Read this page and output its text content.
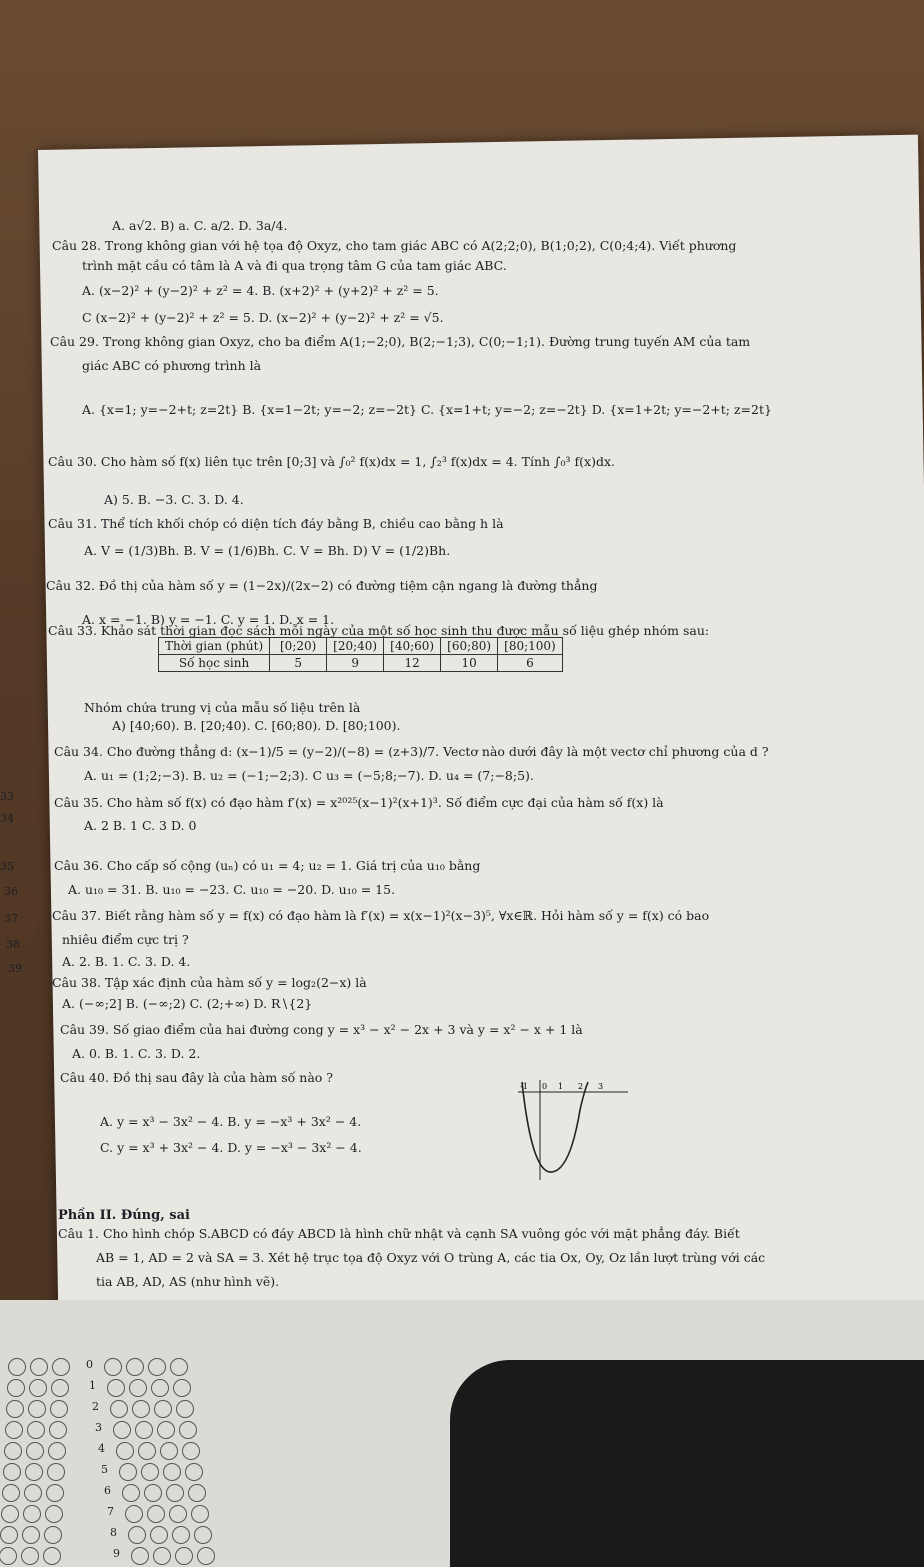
A. a√2. B) a. C. a/2. D. 3a/4.
Câu 28. Trong không gian với hệ tọa độ Oxyz, cho tam giác ABC có A(2;2;0), B(1;0;2), C(0;4;4). Viết phương
trình mặt cầu có tâm là A và đi qua trọng tâm G của tam giác ABC.
A. (x−2)² + (y−2)² + z² = 4. B. (x+2)² + (y+2)² + z² = 5.
C (x−2)² + (y−2)² + z² = 5. D. (x−2)² + (y−2)² + z² = √5.
Câu 29. Trong không gian Oxyz, cho ba điểm A(1;−2;0), B(2;−1;3), C(0;−1;1). Đường trung tuyến AM của tam
giác ABC có phương trình là
A. {x=1; y=−2+t; z=2t} B. {x=1−2t; y=−2; z=−2t} C. {x=1+t; y=−2; z=−2t} D. {x=1+2t; y=−2+t; z=2t}
Câu 30. Cho hàm số f(x) liên tục trên [0;3] và ∫₀² f(x)dx = 1, ∫₂³ f(x)dx = 4. Tính ∫₀³ f(x)dx.
A) 5. B. −3. C. 3. D. 4.
Câu 31. Thể tích khối chóp có diện tích đáy bằng B, chiều cao bằng h là
A. V = (1/3)Bh. B. V = (1/6)Bh. C. V = Bh. D) V = (1/2)Bh.
Câu 32. Đồ thị của hàm số y = (1−2x)/(2x−2) có đường tiệm cận ngang là đường thẳng
A. x = −1. B) y = −1. C. y = 1. D. x = 1.
Câu 33. Khảo sát thời gian đọc sách mỗi ngày của một số học sinh thu được mẫu số liệu ghép nhóm sau:
Thời gian (phút)	[0;20)	[20;40)	[40;60)	[60;80)	[80;100)
Số học sinh	5	9	12	10	6
Nhóm chứa trung vị của mẫu số liệu trên là
A) [40;60). B. [20;40). C. [60;80). D. [80;100).
Câu 34. Cho đường thẳng d: (x−1)/5 = (y−2)/(−8) = (z+3)/7. Vectơ nào dưới đây là một vectơ chỉ phương của d ?
A. u₁ = (1;2;−3). B. u₂ = (−1;−2;3). C u₃ = (−5;8;−7). D. u₄ = (7;−8;5).
Câu 35. Cho hàm số f(x) có đạo hàm f′(x) = x²⁰²⁵(x−1)²(x+1)³. Số điểm cực đại của hàm số f(x) là
A. 2 B. 1 C. 3 D. 0
Câu 36. Cho cấp số cộng (uₙ) có u₁ = 4; u₂ = 1. Giá trị của u₁₀ bằng
A. u₁₀ = 31. B. u₁₀ = −23. C. u₁₀ = −20. D. u₁₀ = 15.
Câu 37. Biết rằng hàm số y = f(x) có đạo hàm là f′(x) = x(x−1)²(x−3)⁵, ∀x∈ℝ. Hỏi hàm số y = f(x) có bao
nhiêu điểm cực trị ?
A. 2. B. 1. C. 3. D. 4.
Câu 38. Tập xác định của hàm số y = log₂(2−x) là
A. (−∞;2] B. (−∞;2) C. (2;+∞) D. R∖{2}
Câu 39. Số giao điểm của hai đường cong y = x³ − x² − 2x + 3 và y = x² − x + 1 là
A. 0. B. 1. C. 3. D. 2.
Câu 40. Đồ thị sau đây là của hàm số nào ?
A. y = x³ − 3x² − 4. B. y = −x³ + 3x² − 4.
C. y = x³ + 3x² − 4. D. y = −x³ − 3x² − 4.
-1 0 1 2 3
Phần II. Đúng, sai
Câu 1. Cho hình chóp S.ABCD có đáy ABCD là hình chữ nhật và cạnh SA vuông góc với mặt phẳng đáy. Biết
AB = 1, AD = 2 và SA = 3. Xét hệ trục tọa độ Oxyz với O trùng A, các tia Ox, Oy, Oz lần lượt trùng với các
tia AB, AD, AS (như hình vẽ).
33
34
35
36
37
38
39
0
1
2
3
4
5
6
7
8
9
